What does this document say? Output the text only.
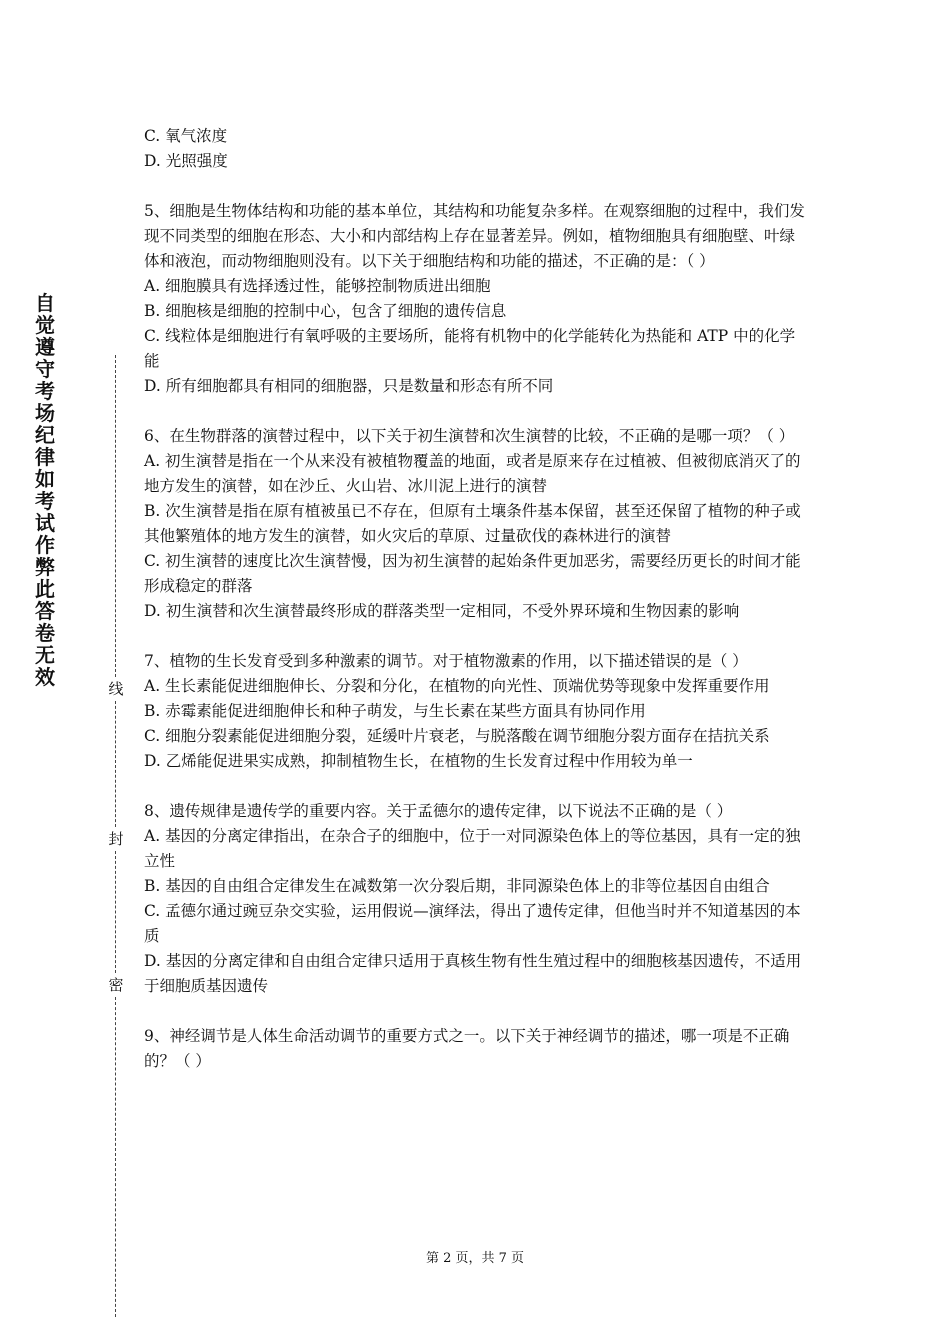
自觉遵守考场纪律如考试作弊此答卷无效	线
封
密

C. 氧气浓度

D. 光照强度

5、细胞是生物体结构和功能的基本单位，其结构和功能复杂多样。在观察细胞的过程中，我们发现不同类型的细胞在形态、大小和内部结构上存在显著差异。例如，植物细胞具有细胞壁、叶绿体和液泡，而动物细胞则没有。以下关于细胞结构和功能的描述，不正确的是：（ ）

A. 细胞膜具有选择透过性，能够控制物质进出细胞

B. 细胞核是细胞的控制中心，包含了细胞的遗传信息

C. 线粒体是细胞进行有氧呼吸的主要场所，能将有机物中的化学能转化为热能和 ATP 中的化学能

D. 所有细胞都具有相同的细胞器，只是数量和形态有所不同

6、在生物群落的演替过程中，以下关于初生演替和次生演替的比较，不正确的是哪一项？（ ）

A. 初生演替是指在一个从来没有被植物覆盖的地面，或者是原来存在过植被、但被彻底消灭了的地方发生的演替，如在沙丘、火山岩、冰川泥上进行的演替

B. 次生演替是指在原有植被虽已不存在，但原有土壤条件基本保留，甚至还保留了植物的种子或其他繁殖体的地方发生的演替，如火灾后的草原、过量砍伐的森林进行的演替

C. 初生演替的速度比次生演替慢，因为初生演替的起始条件更加恶劣，需要经历更长的时间才能形成稳定的群落

D. 初生演替和次生演替最终形成的群落类型一定相同，不受外界环境和生物因素的影响

7、植物的生长发育受到多种激素的调节。对于植物激素的作用，以下描述错误的是（ ）

A. 生长素能促进细胞伸长、分裂和分化，在植物的向光性、顶端优势等现象中发挥重要作用

B. 赤霉素能促进细胞伸长和种子萌发，与生长素在某些方面具有协同作用

C. 细胞分裂素能促进细胞分裂，延缓叶片衰老，与脱落酸在调节细胞分裂方面存在拮抗关系

D. 乙烯能促进果实成熟，抑制植物生长，在植物的生长发育过程中作用较为单一

8、遗传规律是遗传学的重要内容。关于孟德尔的遗传定律，以下说法不正确的是（ ）

A. 基因的分离定律指出，在杂合子的细胞中，位于一对同源染色体上的等位基因，具有一定的独立性

B. 基因的自由组合定律发生在减数第一次分裂后期，非同源染色体上的非等位基因自由组合

C. 孟德尔通过豌豆杂交实验，运用假说—演绎法，得出了遗传定律，但他当时并不知道基因的本质

D. 基因的分离定律和自由组合定律只适用于真核生物有性生殖过程中的细胞核基因遗传，不适用于细胞质基因遗传

9、神经调节是人体生命活动调节的重要方式之一。以下关于神经调节的描述，哪一项是不正确的？（ ）

第 2 页，共 7 页
